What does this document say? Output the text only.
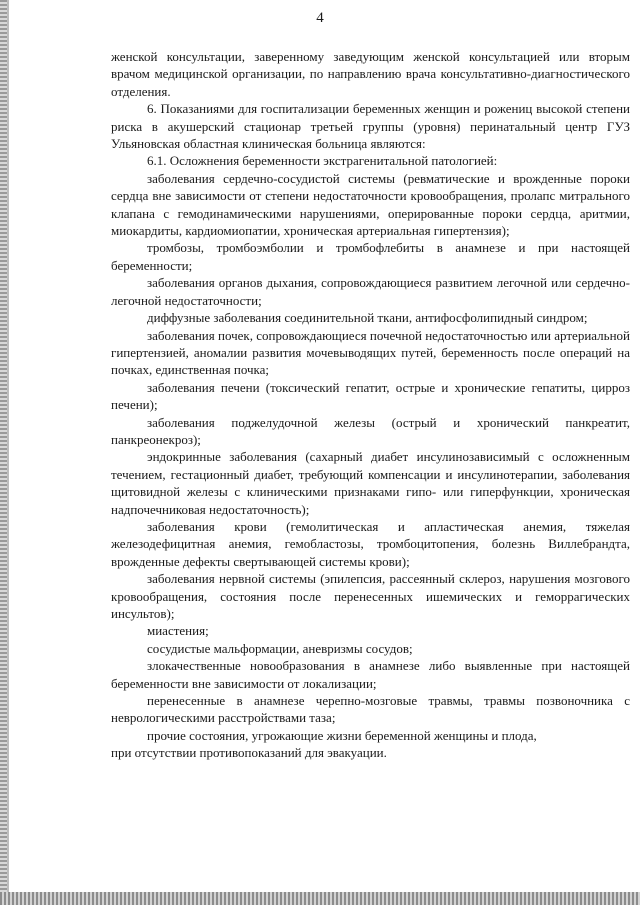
4

женской консультации, заверенному заведующим женской консультацией или вторым врачом медицинской организации, по направлению врача консультативно-диагностического отделения.

6. Показаниями для госпитализации беременных женщин и рожениц высокой степени риска в акушерский стационар третьей группы (уровня) перинатальный центр ГУЗ Ульяновская областная клиническая больница являются:

6.1. Осложнения беременности экстрагенитальной патологией:

заболевания сердечно-сосудистой системы (ревматические и врожденные пороки сердца вне зависимости от степени недостаточности кровообращения, пролапс митрального клапана с гемодинамическими нарушениями, оперированные пороки сердца, аритмии, миокардиты, кардиомиопатии, хроническая артериальная гипертензия);

тромбозы, тромбоэмболии и тромбофлебиты в анамнезе и при настоящей беременности;

заболевания органов дыхания, сопровождающиеся развитием легочной или сердечно-легочной недостаточности;

диффузные заболевания соединительной ткани, антифосфолипидный синдром;

заболевания почек, сопровождающиеся почечной недостаточностью или артериальной гипертензией, аномалии развития мочевыводящих путей, беременность после операций на почках, единственная почка;

заболевания печени (токсический гепатит, острые и хронические гепатиты, цирроз печени);

заболевания поджелудочной железы (острый и хронический панкреатит, панкреонекроз);

эндокринные заболевания (сахарный диабет инсулинозависимый с осложненным течением, гестационный диабет, требующий компенсации и инсулинотерапии, заболевания щитовидной железы с клиническими признаками гипо- или гиперфункции, хроническая надпочечниковая недостаточность);

заболевания крови (гемолитическая и апластическая анемия, тяжелая железодефицитная анемия, гемобластозы, тромбоцитопения, болезнь Виллебрандта, врожденные дефекты свертывающей системы крови);

заболевания нервной системы (эпилепсия, рассеянный склероз, нарушения мозгового кровообращения, состояния после перенесенных ишемических и геморрагических инсультов);

миастения;

сосудистые мальформации, аневризмы сосудов;

злокачественные новообразования в анамнезе либо выявленные при настоящей беременности вне зависимости от локализации;

перенесенные в анамнезе черепно-мозговые травмы, травмы позвоночника с неврологическими расстройствами таза;

прочие состояния, угрожающие жизни беременной женщины и плода,

при отсутствии противопоказаний для эвакуации.
